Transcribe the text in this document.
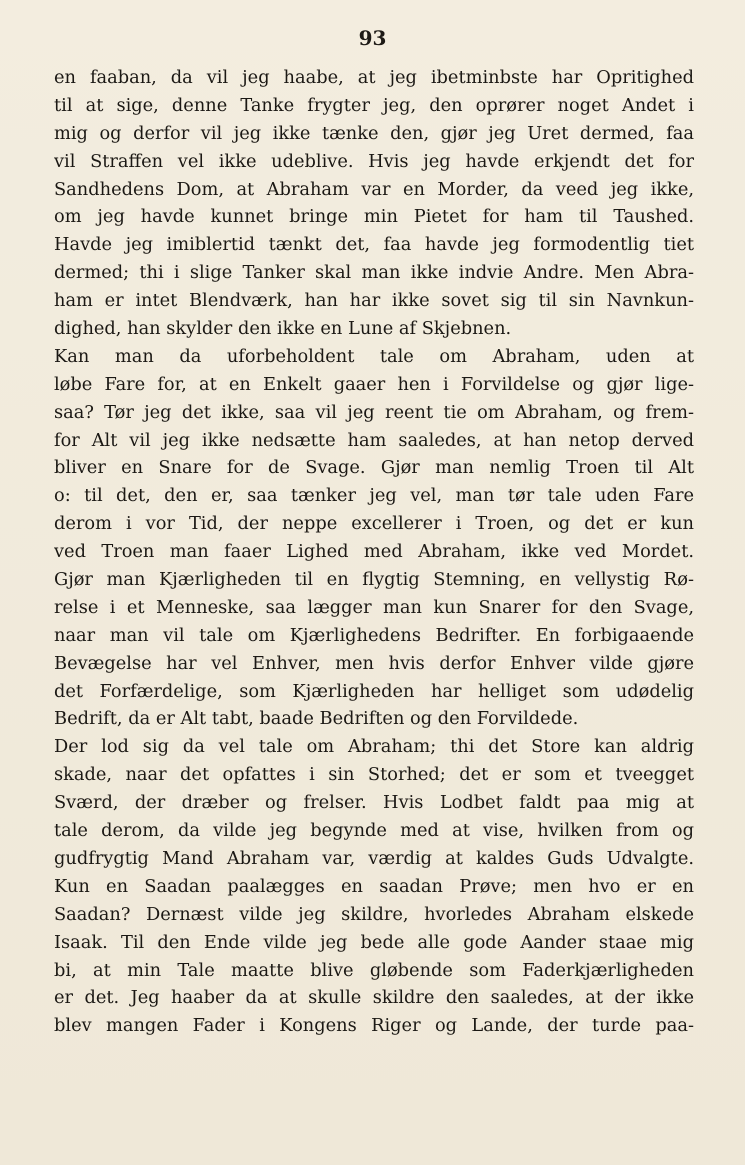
93
en faaban, da vil jeg haabe, at jeg ibetminbste har Opritighed
til at sige, denne Tanke frygter jeg, den oprører noget Andet i
mig og derfor vil jeg ikke tænke den, gjør jeg Uret dermed, faa
vil Straffen vel ikke udeblive. Hvis jeg havde erkjendt det for
Sandhedens Dom, at Abraham var en Morder, da veed jeg ikke,
om jeg havde kunnet bringe min Pietet for ham til Taushed.
Havde jeg imiblertid tænkt det, faa havde jeg formodentlig tiet
dermed; thi i slige Tanker skal man ikke indvie Andre. Men Abra-
ham er intet Blendværk, han har ikke sovet sig til sin Navnkun-
dighed, han skylder den ikke en Lune af Skjebnen.
Kan man da uforbeholdent tale om Abraham, uden at
løbe Fare for, at en Enkelt gaaer hen i Forvildelse og gjør lige-
saa? Tør jeg det ikke, saa vil jeg reent tie om Abraham, og frem-
for Alt vil jeg ikke nedsætte ham saaledes, at han netop derved
bliver en Snare for de Svage. Gjør man nemlig Troen til Alt
o: til det, den er, saa tænker jeg vel, man tør tale uden Fare
derom i vor Tid, der neppe excellerer i Troen, og det er kun
ved Troen man faaer Lighed med Abraham, ikke ved Mordet.
Gjør man Kjærligheden til en flygtig Stemning, en vellystig Rø-
relse i et Menneske, saa lægger man kun Snarer for den Svage,
naar man vil tale om Kjærlighedens Bedrifter. En forbigaaende
Bevægelse har vel Enhver, men hvis derfor Enhver vilde gjøre
det Forfærdelige, som Kjærligheden har helliget som udødelig
Bedrift, da er Alt tabt, baade Bedriften og den Forvildede.
Der lod sig da vel tale om Abraham; thi det Store kan aldrig
skade, naar det opfattes i sin Storhed; det er som et tveegget
Sværd, der dræber og frelser. Hvis Lodbet faldt paa mig at
tale derom, da vilde jeg begynde med at vise, hvilken from og
gudfrygtig Mand Abraham var, værdig at kaldes Guds Udvalgte.
Kun en Saadan paalægges en saadan Prøve; men hvo er en
Saadan? Dernæst vilde jeg skildre, hvorledes Abraham elskede
Isaak. Til den Ende vilde jeg bede alle gode Aander staae mig
bi, at min Tale maatte blive gløbende som Faderkjærligheden
er det. Jeg haaber da at skulle skildre den saaledes, at der ikke
blev mangen Fader i Kongens Riger og Lande, der turde paa-
